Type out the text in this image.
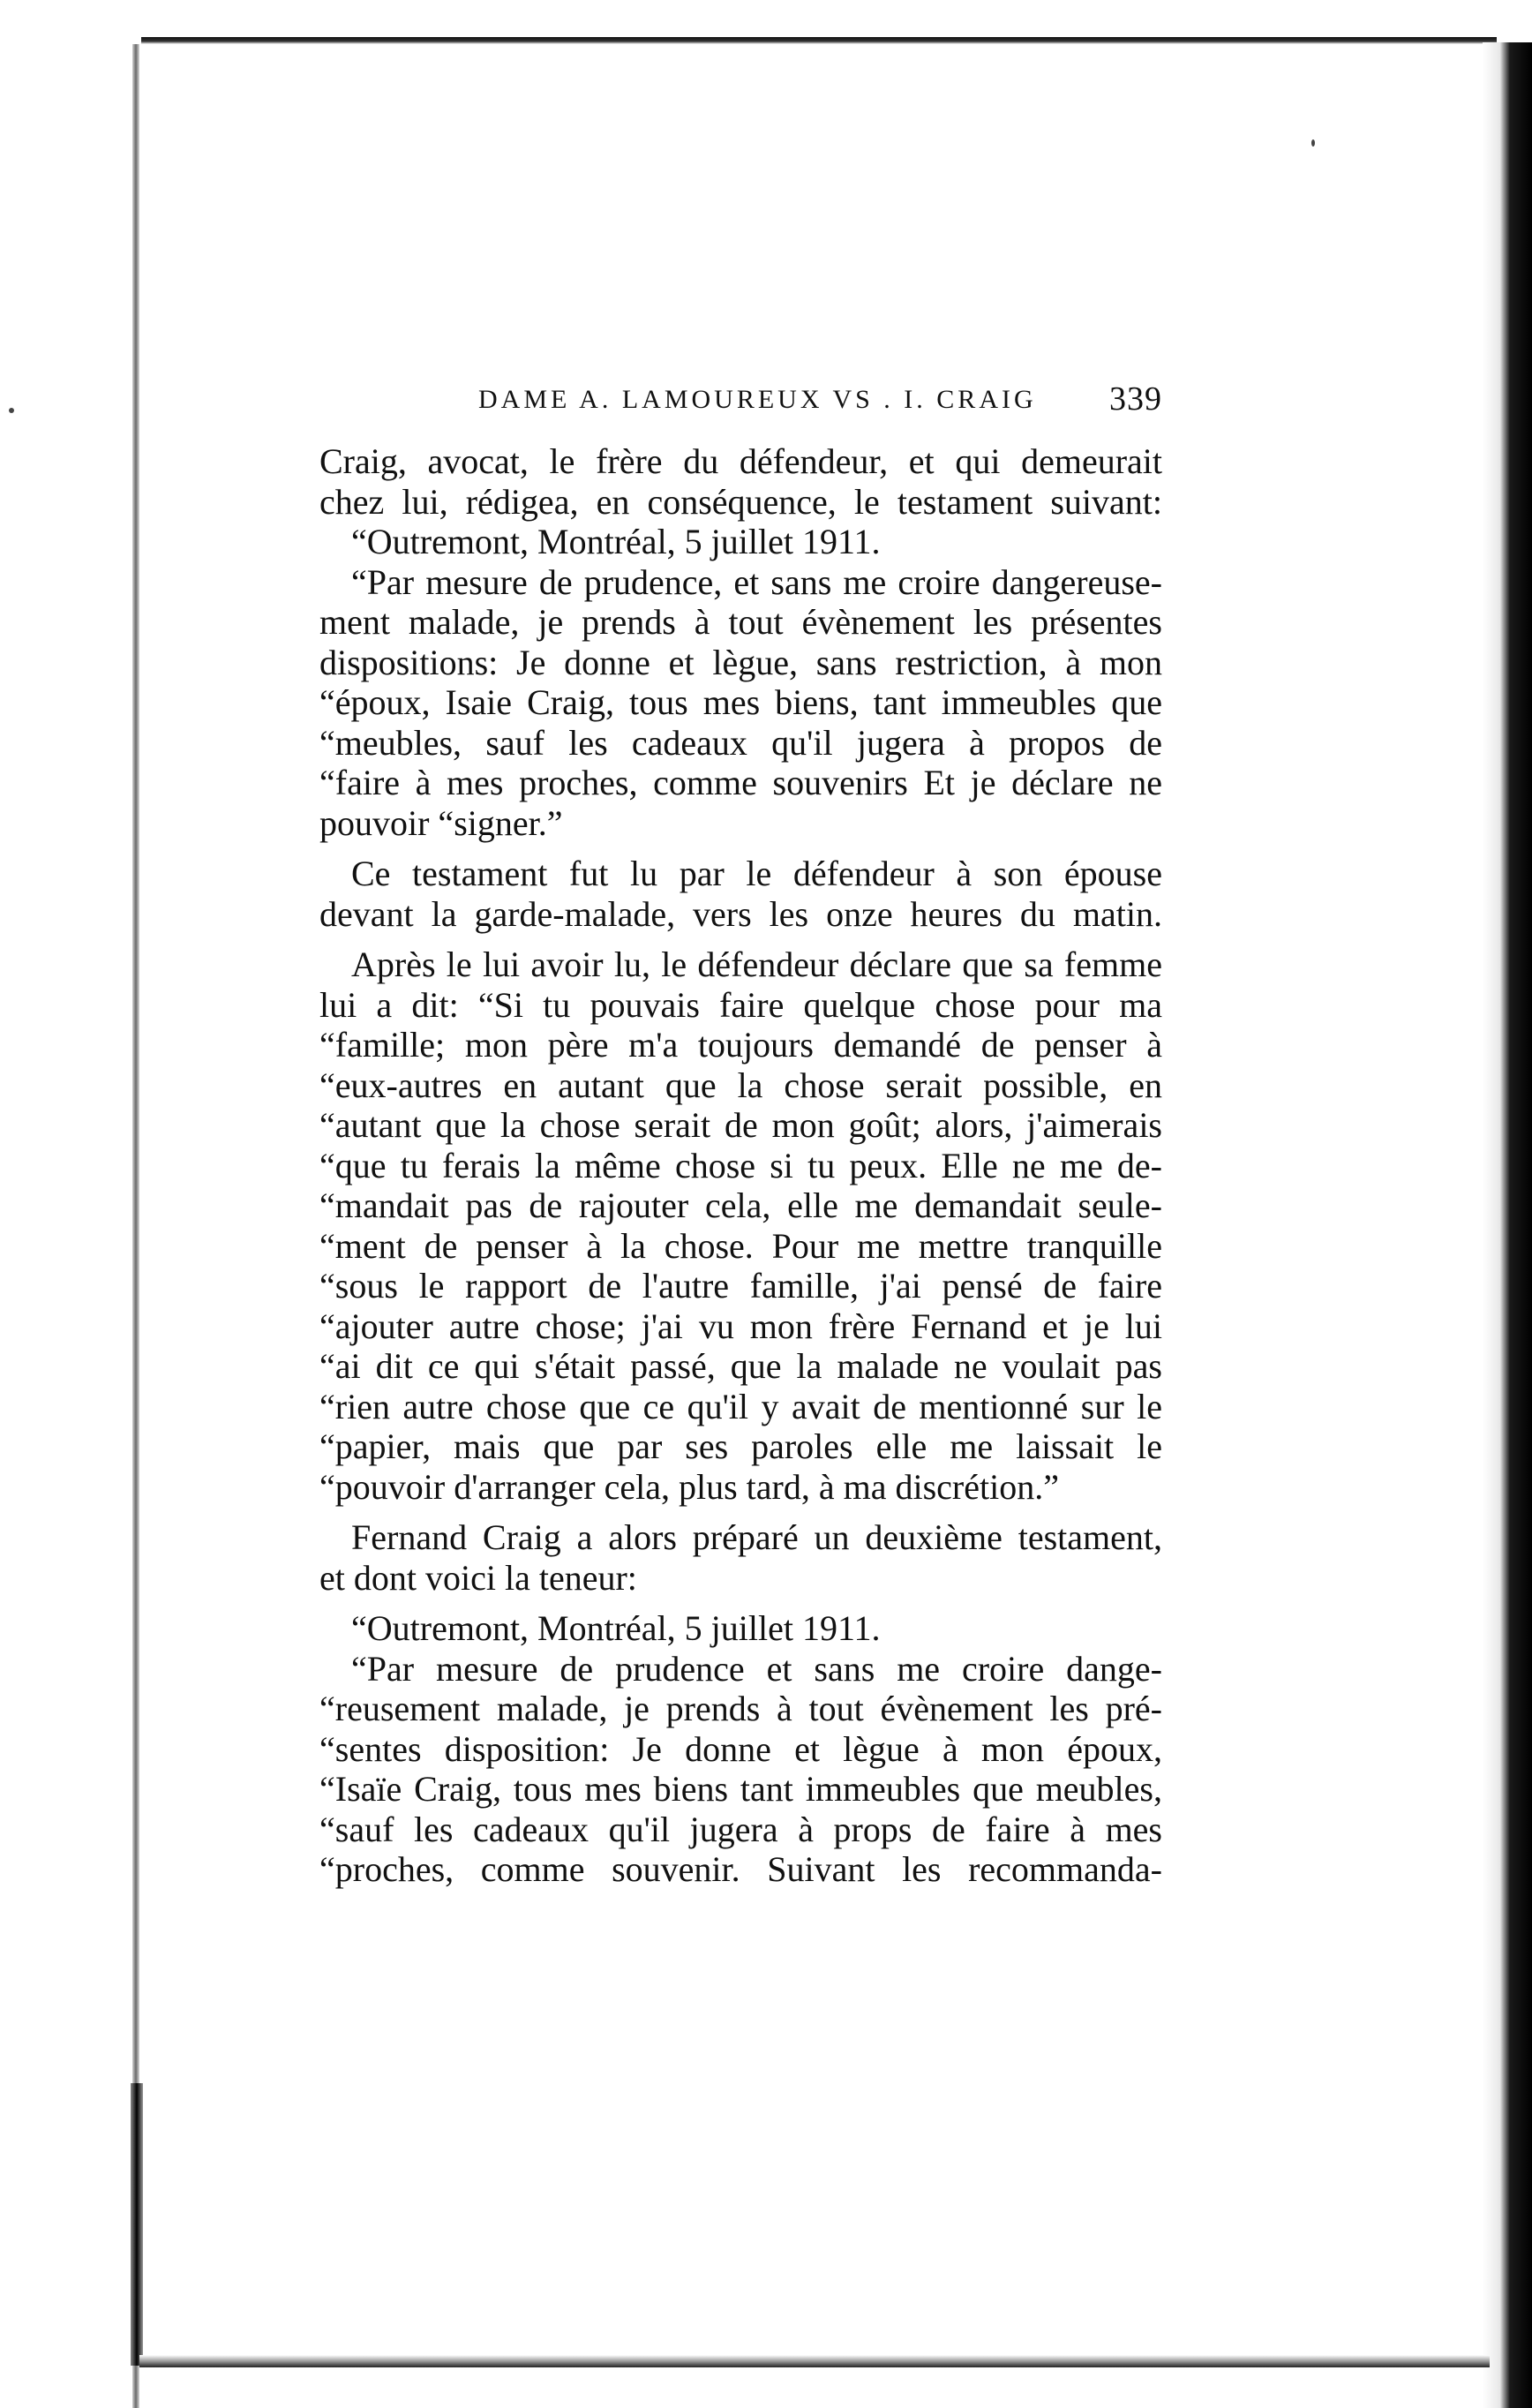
DAME A. LAMOUREUX VS . I. CRAIG 339
Craig, avocat, le frère du défendeur, et qui demeurait
chez lui, rédigea, en conséquence, le testament suivant:
“Outremont, Montréal, 5 juillet 1911.
“Par mesure de prudence, et sans me croire dangereuse-
ment malade, je prends à tout évènement les présentes
dispositions: Je donne et lègue, sans restriction, à mon
“époux, Isaie Craig, tous mes biens, tant immeubles que
“meubles, sauf les cadeaux qu'il jugera à propos de
“faire à mes proches, comme souvenirs Et je déclare ne
pouvoir “signer.”
Ce testament fut lu par le défendeur à son épouse
devant la garde-malade, vers les onze heures du matin.
Après le lui avoir lu, le défendeur déclare que sa femme
lui a dit: “Si tu pouvais faire quelque chose pour ma
“famille; mon père m'a toujours demandé de penser à
“eux-autres en autant que la chose serait possible, en
“autant que la chose serait de mon goût; alors, j'aimerais
“que tu ferais la même chose si tu peux. Elle ne me de-
“mandait pas de rajouter cela, elle me demandait seule-
“ment de penser à la chose. Pour me mettre tranquille
“sous le rapport de l'autre famille, j'ai pensé de faire
“ajouter autre chose; j'ai vu mon frère Fernand et je lui
“ai dit ce qui s'était passé, que la malade ne voulait pas
“rien autre chose que ce qu'il y avait de mentionné sur le
“papier, mais que par ses paroles elle me laissait le
“pouvoir d'arranger cela, plus tard, à ma discrétion.”
Fernand Craig a alors préparé un deuxième testament,
et dont voici la teneur:
“Outremont, Montréal, 5 juillet 1911.
“Par mesure de prudence et sans me croire dange-
“reusement malade, je prends à tout évènement les pré-
“sentes disposition: Je donne et lègue à mon époux,
“Isaïe Craig, tous mes biens tant immeubles que meubles,
“sauf les cadeaux qu'il jugera à props de faire à mes
“proches, comme souvenir. Suivant les recommanda-
